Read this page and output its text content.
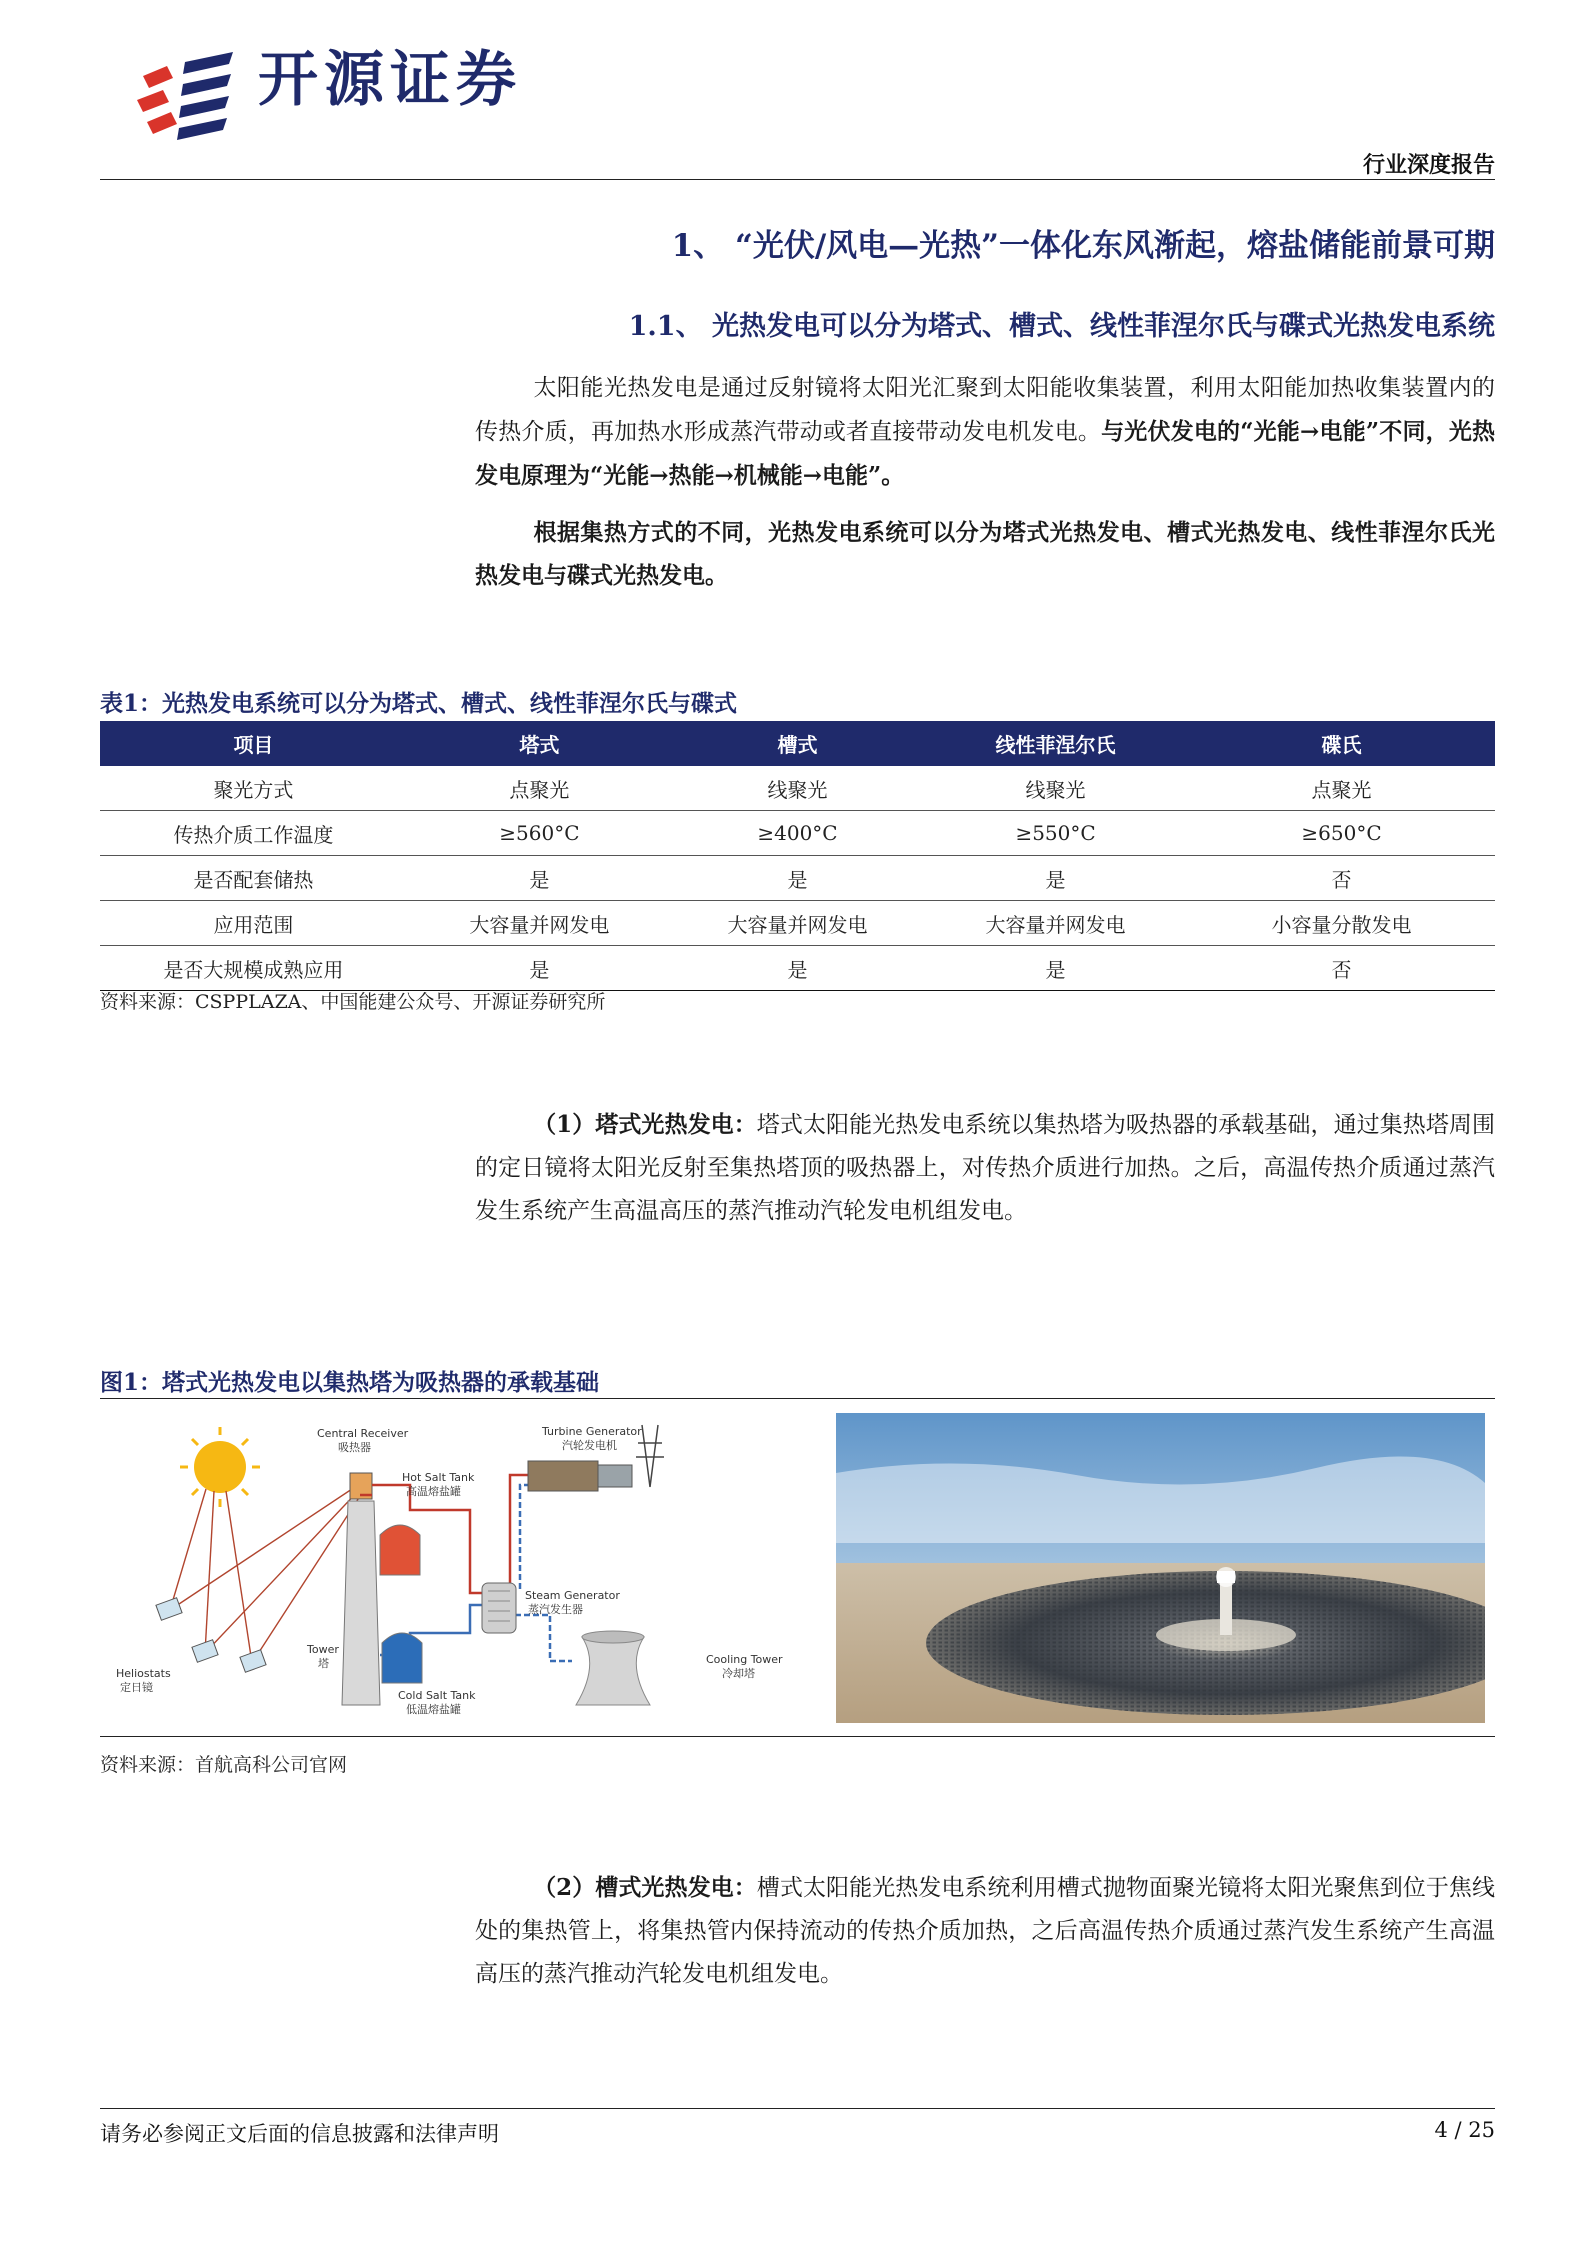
开源证券
行业深度报告
1、 “光伏/风电—光热”一体化东风渐起，熔盐储能前景可期
1.1、 光热发电可以分为塔式、槽式、线性菲涅尔氏与碟式光热发电系统
太阳能光热发电是通过反射镜将太阳光汇聚到太阳能收集装置，利用太阳能加热收集装置内的传热介质，再加热水形成蒸汽带动或者直接带动发电机发电。与光伏发电的“光能→电能”不同，光热发电原理为“光能→热能→机械能→电能”。
根据集热方式的不同，光热发电系统可以分为塔式光热发电、槽式光热发电、线性菲涅尔氏光热发电与碟式光热发电。
表1：光热发电系统可以分为塔式、槽式、线性菲涅尔氏与碟式
项目	塔式	槽式	线性菲涅尔氏	碟氏
聚光方式	点聚光	线聚光	线聚光	点聚光
传热介质工作温度	≥560°C	≥400°C	≥550°C	≥650°C
是否配套储热	是	是	是	否
应用范围	大容量并网发电	大容量并网发电	大容量并网发电	小容量分散发电
是否大规模成熟应用	是	是	是	否
资料来源：CSPPLAZA、中国能建公众号、开源证券研究所
（1）塔式光热发电：塔式太阳能光热发电系统以集热塔为吸热器的承载基础，通过集热塔周围的定日镜将太阳光反射至集热塔顶的吸热器上，对传热介质进行加热。之后，高温传热介质通过蒸汽发生系统产生高温高压的蒸汽推动汽轮发电机组发电。
图1：塔式光热发电以集热塔为吸热器的承载基础
Central Receiver
吸热器
Hot Salt Tank
高温熔盐罐
Turbine Generator
汽轮发电机
Steam Generator
蒸汽发生器
Tower
塔
Cold Salt Tank
低温熔盐罐
Cooling Tower
冷却塔
Heliostats
定日镜
资料来源：首航高科公司官网
（2）槽式光热发电：槽式太阳能光热发电系统利用槽式抛物面聚光镜将太阳光聚焦到位于焦线处的集热管上，将集热管内保持流动的传热介质加热，之后高温传热介质通过蒸汽发生系统产生高温高压的蒸汽推动汽轮发电机组发电。
请务必参阅正文后面的信息披露和法律声明	4 / 25
